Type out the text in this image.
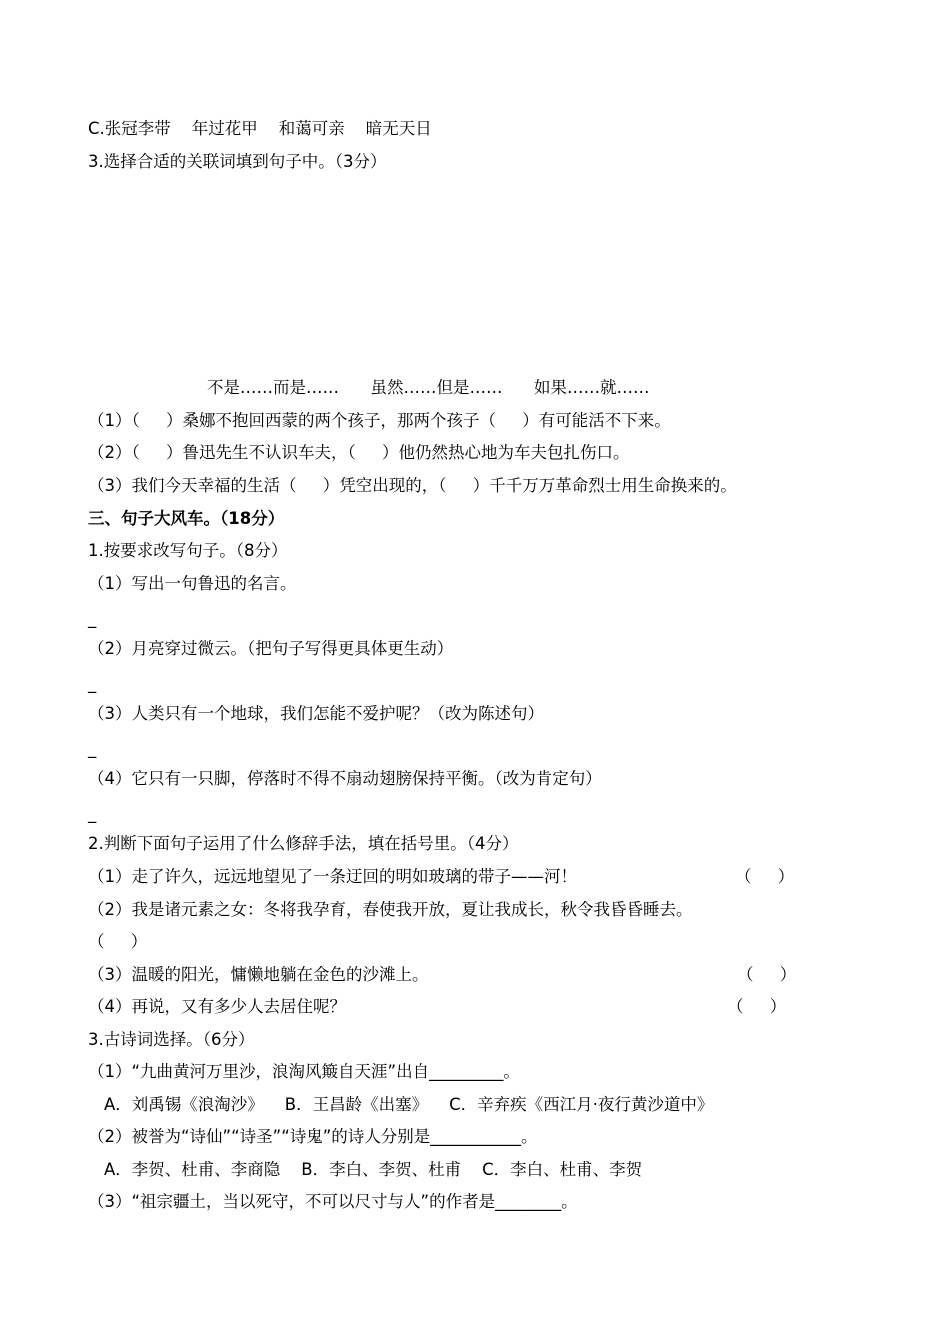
C.张冠李带    年过花甲    和蔼可亲    暗无天日
3.选择合适的关联词填到句子中。（3分）
不是……而是……      虽然……但是……      如果……就……
（1）（     ）桑娜不抱回西蒙的两个孩子，那两个孩子（     ）有可能活不下来。
（2）（     ）鲁迅先生不认识车夫，（     ）他仍然热心地为车夫包扎伤口。
（3）我们今天幸福的生活（     ）凭空出现的，（     ）千千万万革命烈士用生命换来的。
三、句子大风车。（18分）
1.按要求改写句子。（8分）
（1）写出一句鲁迅的名言。
_
（2）月亮穿过微云。（把句子写得更具体更生动）
_
（3）人类只有一个地球，我们怎能不爱护呢？（改为陈述句）
_
（4）它只有一只脚，停落时不得不扇动翅膀保持平衡。（改为肯定句）
_
2.判断下面句子运用了什么修辞手法，填在括号里。（4分）
（1）走了许久，远远地望见了一条迂回的明如玻璃的带子——河！	（     ）
（2）我是诸元素之女：冬将我孕育，春使我开放，夏让我成长，秋令我昏昏睡去。
（     ）
（3）温暖的阳光，慵懒地躺在金色的沙滩上。	（     ）
（4）再说，又有多少人去居住呢？	（     ）
3.古诗词选择。（6分）
（1）“九曲黄河万里沙，浪淘风簸自天涯”出自_________。
A．刘禹锡《浪淘沙》    B．王昌龄《出塞》    C．辛弃疾《西江月·夜行黄沙道中》
（2）被誉为“诗仙”“诗圣”“诗鬼”的诗人分别是___________。
A．李贺、杜甫、李商隐    B．李白、李贺、杜甫    C．李白、杜甫、李贺
（3）“祖宗疆土，当以死守，不可以尺寸与人”的作者是________。
